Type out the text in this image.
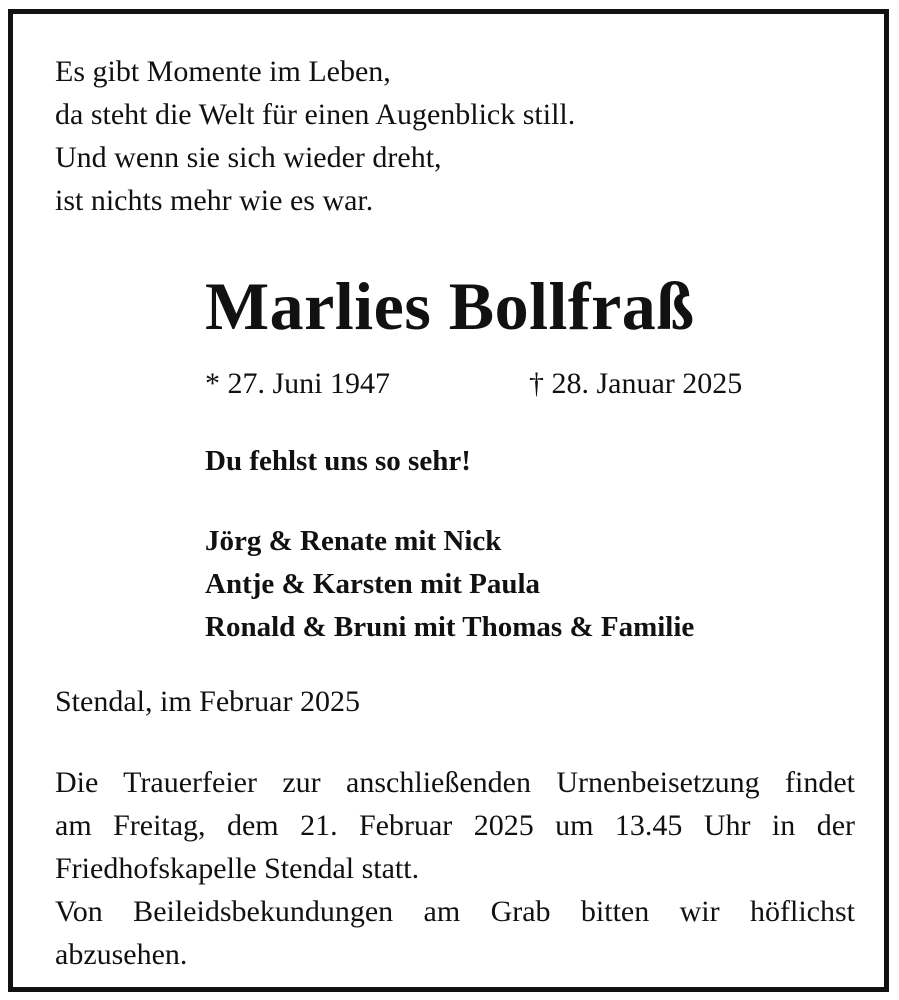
Es gibt Momente im Leben,
da steht die Welt für einen Augenblick still.
Und wenn sie sich wieder dreht,
ist nichts mehr wie es war.
Marlies Bollfraß
* 27. Juni 1947	† 28. Januar 2025
Du fehlst uns so sehr!
Jörg & Renate mit Nick
Antje & Karsten mit Paula
Ronald & Bruni mit Thomas & Familie
Stendal, im Februar 2025
Die Trauerfeier zur anschließenden Urnenbeisetzung findet
am Freitag, dem 21. Februar 2025 um 13.45 Uhr in der
Friedhofskapelle Stendal statt.
Von Beileidsbekundungen am Grab bitten wir höflichst
abzusehen.
